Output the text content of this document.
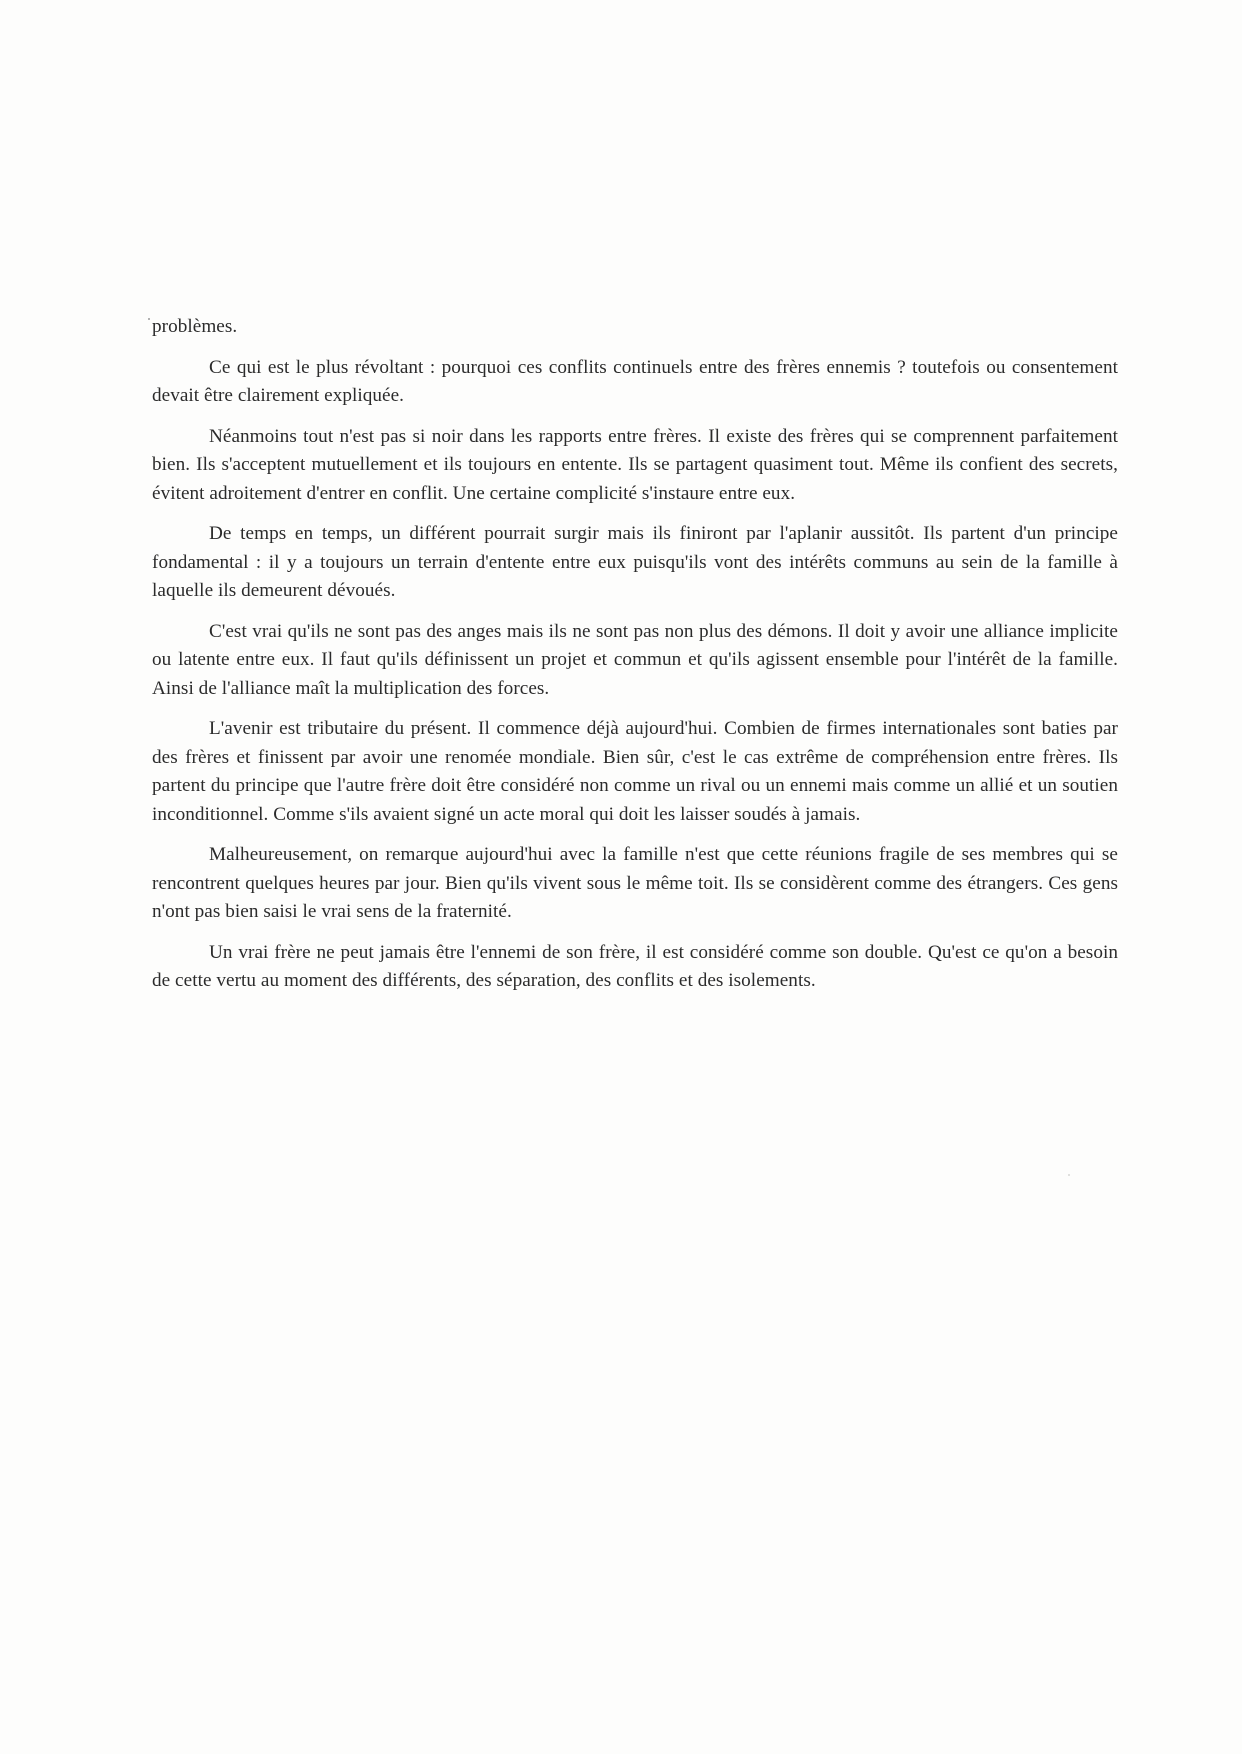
problèmes.

Ce qui est le plus révoltant : pourquoi ces conflits continuels entre des frères ennemis ? toutefois ou consentement devait être clairement expliquée.

Néanmoins tout n'est pas si noir dans les rapports entre frères. Il existe des frères qui se comprennent parfaitement bien. Ils s'acceptent mutuellement et ils toujours en entente. Ils se partagent quasiment tout. Même ils confient des secrets, évitent adroitement d'entrer en conflit. Une certaine complicité s'instaure entre eux.

De temps en temps, un différent pourrait surgir mais ils finiront par l'aplanir aussitôt. Ils partent d'un principe fondamental : il y a toujours un terrain d'entente entre eux puisqu'ils vont des intérêts communs au sein de la famille à laquelle ils demeurent dévoués.

C'est vrai qu'ils ne sont pas des anges mais ils ne sont pas non plus des démons. Il doit y avoir une alliance implicite ou latente entre eux. Il faut qu'ils définissent un projet et commun et qu'ils agissent ensemble pour l'intérêt de la famille. Ainsi de l'alliance maît la multiplication des forces.

L'avenir est tributaire du présent. Il commence déjà aujourd'hui. Combien de firmes internationales sont baties par des frères et finissent par avoir une renomée mondiale. Bien sûr, c'est le cas extrême de compréhension entre frères. Ils partent du principe que l'autre frère doit être considéré non comme un rival ou un ennemi mais comme un allié et un soutien inconditionnel. Comme s'ils avaient signé un acte moral qui doit les laisser soudés à jamais.

Malheureusement, on remarque aujourd'hui avec la famille n'est que cette réunions fragile de ses membres qui se rencontrent quelques heures par jour. Bien qu'ils vivent sous le même toit. Ils se considèrent comme des étrangers. Ces gens n'ont pas bien saisi le vrai sens de la fraternité.

Un vrai frère ne peut jamais être l'ennemi de son frère, il est considéré comme son double. Qu'est ce qu'on a besoin de cette vertu au moment des différents, des séparation, des conflits et des isolements.
